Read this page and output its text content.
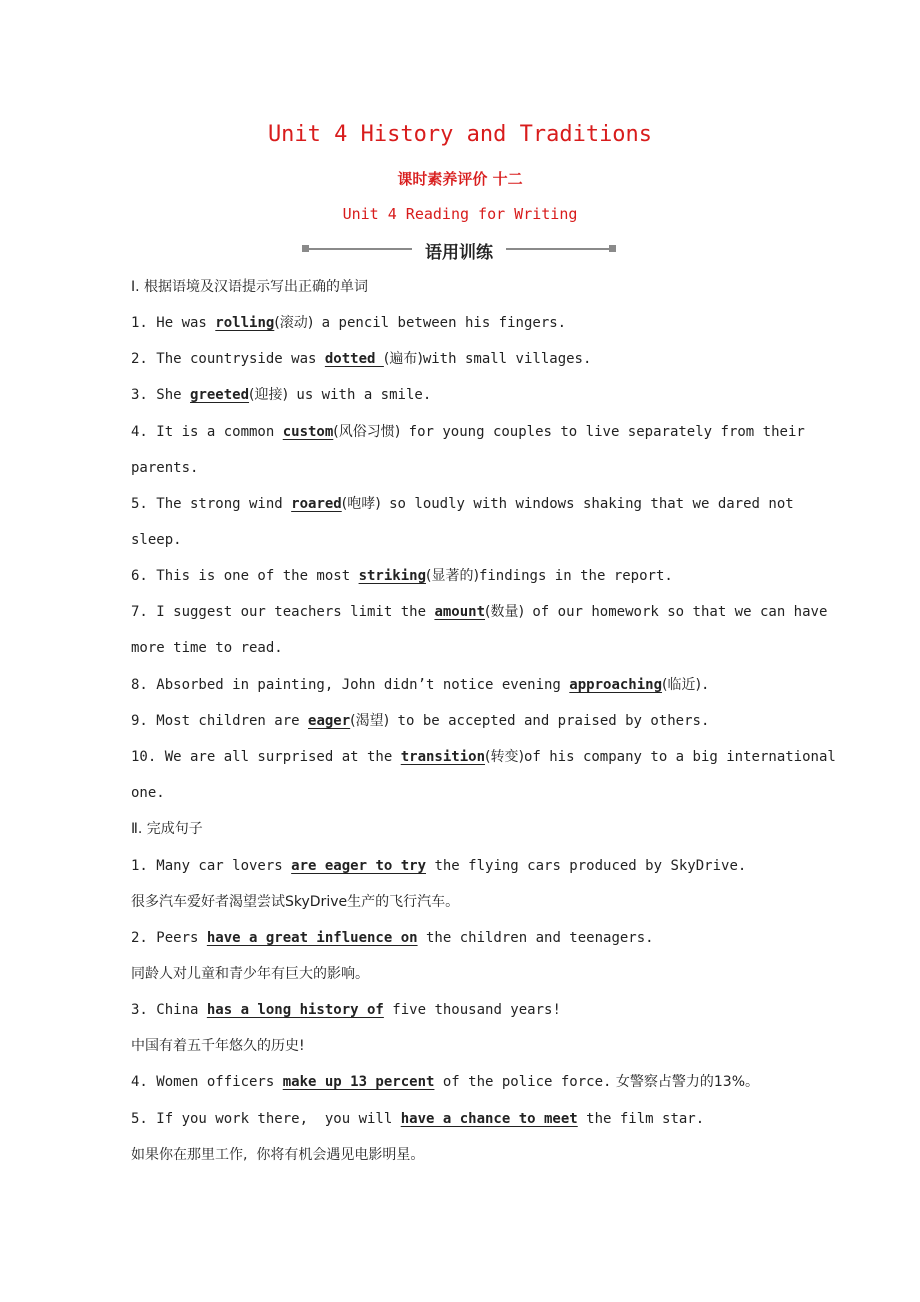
Unit 4 History and Traditions
课时素养评价 十二
Unit 4 Reading for Writing
语用训练
Ⅰ. 根据语境及汉语提示写出正确的单词
1. He was rolling(滚动) a pencil between his fingers.
2. The countryside was dotted (遍布)with small villages.
3. She greeted(迎接) us with a smile.
4. It is a common custom(风俗习惯) for young couples to live separately from their
parents.
5. The strong wind roared(咆哮) so loudly with windows shaking that we dared not
sleep.
6. This is one of the most striking(显著的)findings in the report.
7. I suggest our teachers limit the amount(数量) of our homework so that we can have
more time to read.
8. Absorbed in painting, John didn’t notice evening approaching(临近).
9. Most children are eager(渴望) to be accepted and praised by others.
10. We are all surprised at the transition(转变)of his company to a big international
one.
Ⅱ. 完成句子
1. Many car lovers are eager to try the flying cars produced by SkyDrive.
很多汽车爱好者渴望尝试SkyDrive生产的飞行汽车。
2. Peers have a great influence on the children and teenagers.
同龄人对儿童和青少年有巨大的影响。
3. China has a long history of five thousand years!
中国有着五千年悠久的历史!
4. Women officers make up 13 percent of the police force. 女警察占警力的13%。
5. If you work there,  you will have a chance to meet the film star.
如果你在那里工作,  你将有机会遇见电影明星。
